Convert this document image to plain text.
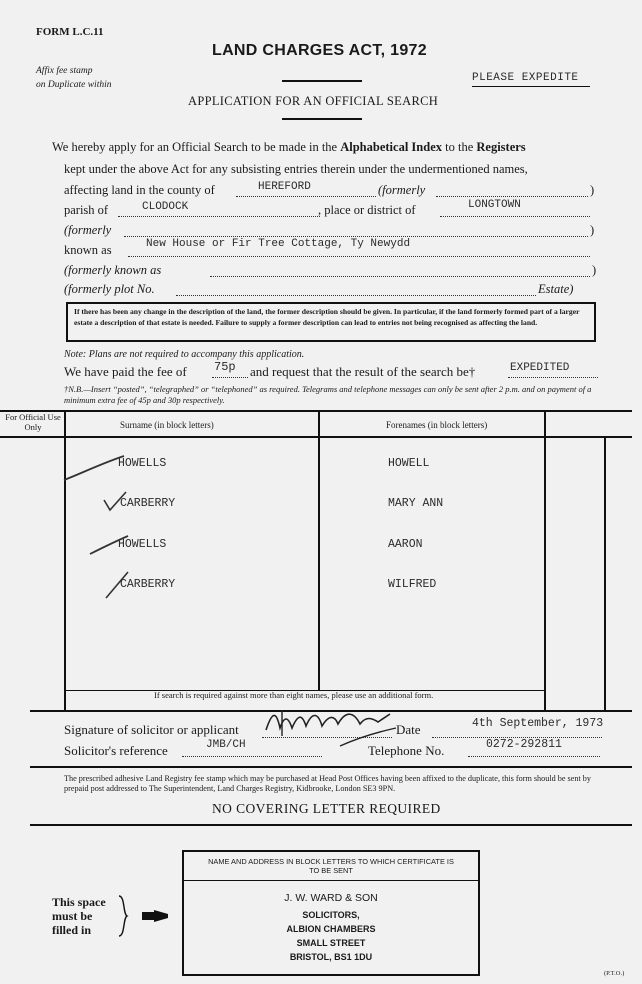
FORM L.C.11
LAND CHARGES ACT, 1972
Affix fee stamp
on Duplicate within
PLEASE EXPEDITE
APPLICATION FOR AN OFFICIAL SEARCH
We hereby apply for an Official Search to be made in the Alphabetical Index to the Registers
kept under the above Act for any subsisting entries therein under the undermentioned names,
affecting land in the county of	HEREFORD	(formerly	)
parish of	CLODOCK	, place or district of	LONGTOWN
(formerly	)
known as	New House or Fir Tree Cottage, Ty Newydd
(formerly known as	)
(formerly plot No.	Estate)
If there has been any change in the description of the land, the former description should be given. In particular, if the land formerly formed part of a larger estate a description of that estate is needed. Failure to supply a former description can lead to entries not being recognised as affecting the land.
Note: Plans are not required to accompany this application.
We have paid the fee of 75p and request that the result of the search be†	EXPEDITED
†N.B.—Insert “posted”, “telegraphed” or “telephoned” as required. Telegrams and telephone messages can only be sent after 2 p.m. and on payment of a minimum extra fee of 45p and 30p respectively.
For Official Use Only	Surname (in block letters)	Forenames (in block letters)
HOWELLS	HOWELL
CARBERRY	MARY ANN
HOWELLS	AARON
CARBERRY	WILFRED
If search is required against more than eight names, please use an additional form.
Signature of solicitor or applicant	Date	4th September, 1973
Solicitor's reference	JMB/CH	Telephone No.	0272-292811
The prescribed adhesive Land Registry fee stamp which may be purchased at Head Post Offices having been affixed to the duplicate, this form should be sent by prepaid post addressed to The Superintendent, Land Charges Registry, Kidbrooke, London SE3 9PN.
NO COVERING LETTER REQUIRED
NAME AND ADDRESS IN BLOCK LETTERS TO WHICH CERTIFICATE IS TO BE SENT
J. W. WARD & SON
SOLICITORS,
ALBION CHAMBERS
SMALL STREET
BRISTOL, BS1 1DU
This space
must be
filled in
(P.T.O.)
